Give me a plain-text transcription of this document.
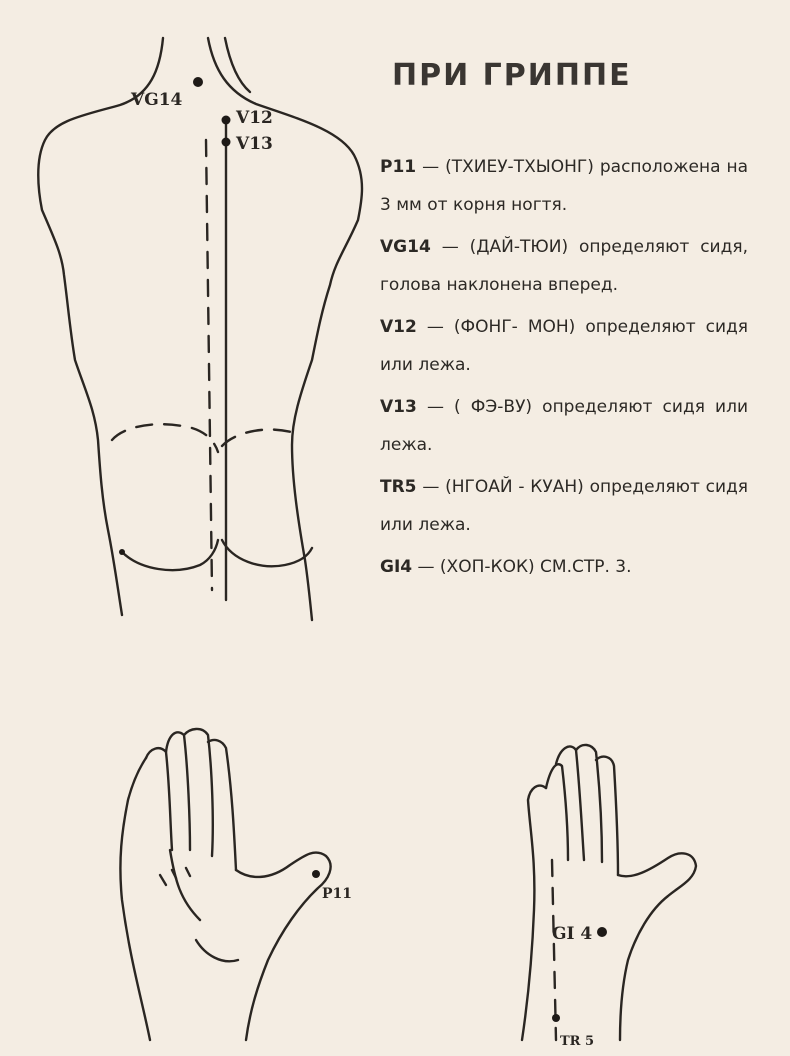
VG14
V12
V13
P11
GI 4
TR 5
ПРИ ГРИППЕ
P11 — (ТХИЕУ-ТХЫОНГ) расположена на 3 мм от корня ногтя.
VG14 — (ДАЙ-ТЮИ) определяют сидя, голова наклонена вперед.
V12 — (ФОНГ- МОН) определяют сидя или лежа.
V13 — ( ФЭ-ВУ) определяют сидя или лежа.
TR5 — (НГОАЙ - КУАН) определяют сидя или лежа.
GI4 — (ХОП-КОК) СМ.СТР. 3.
